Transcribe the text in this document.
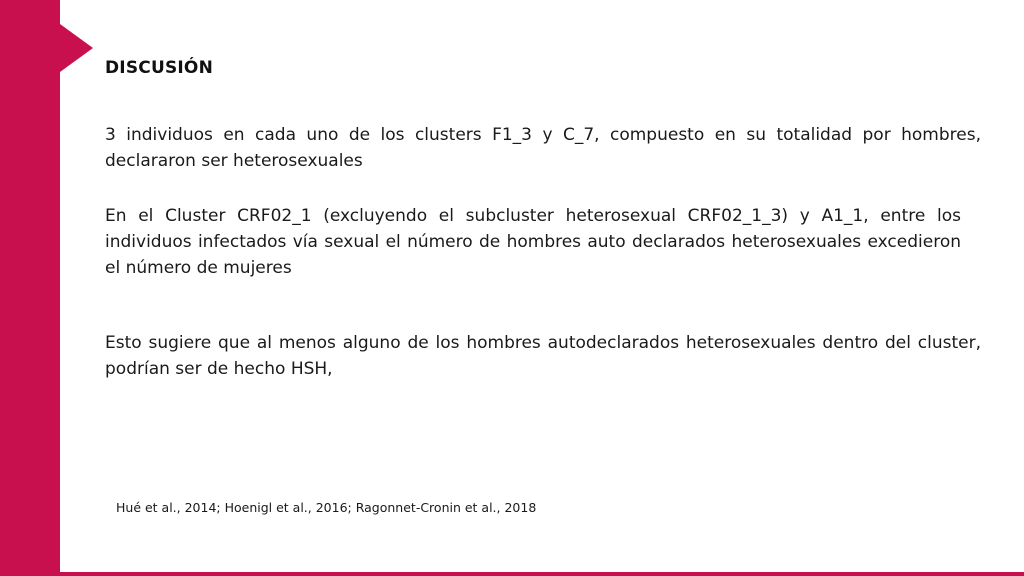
DISCUSIÓN
3 individuos en cada uno de los clusters F1_3 y C_7, compuesto en su totalidad por hombres, declararon ser heterosexuales
En el Cluster CRF02_1 (excluyendo el subcluster heterosexual CRF02_1_3) y A1_1, entre los individuos infectados vía sexual el número de hombres auto declarados heterosexuales excedieron el número de mujeres
Esto sugiere que al menos alguno de los hombres autodeclarados heterosexuales dentro del cluster, podrían ser de hecho HSH,
Hué et al., 2014; Hoenigl et al., 2016; Ragonnet-Cronin et al., 2018
